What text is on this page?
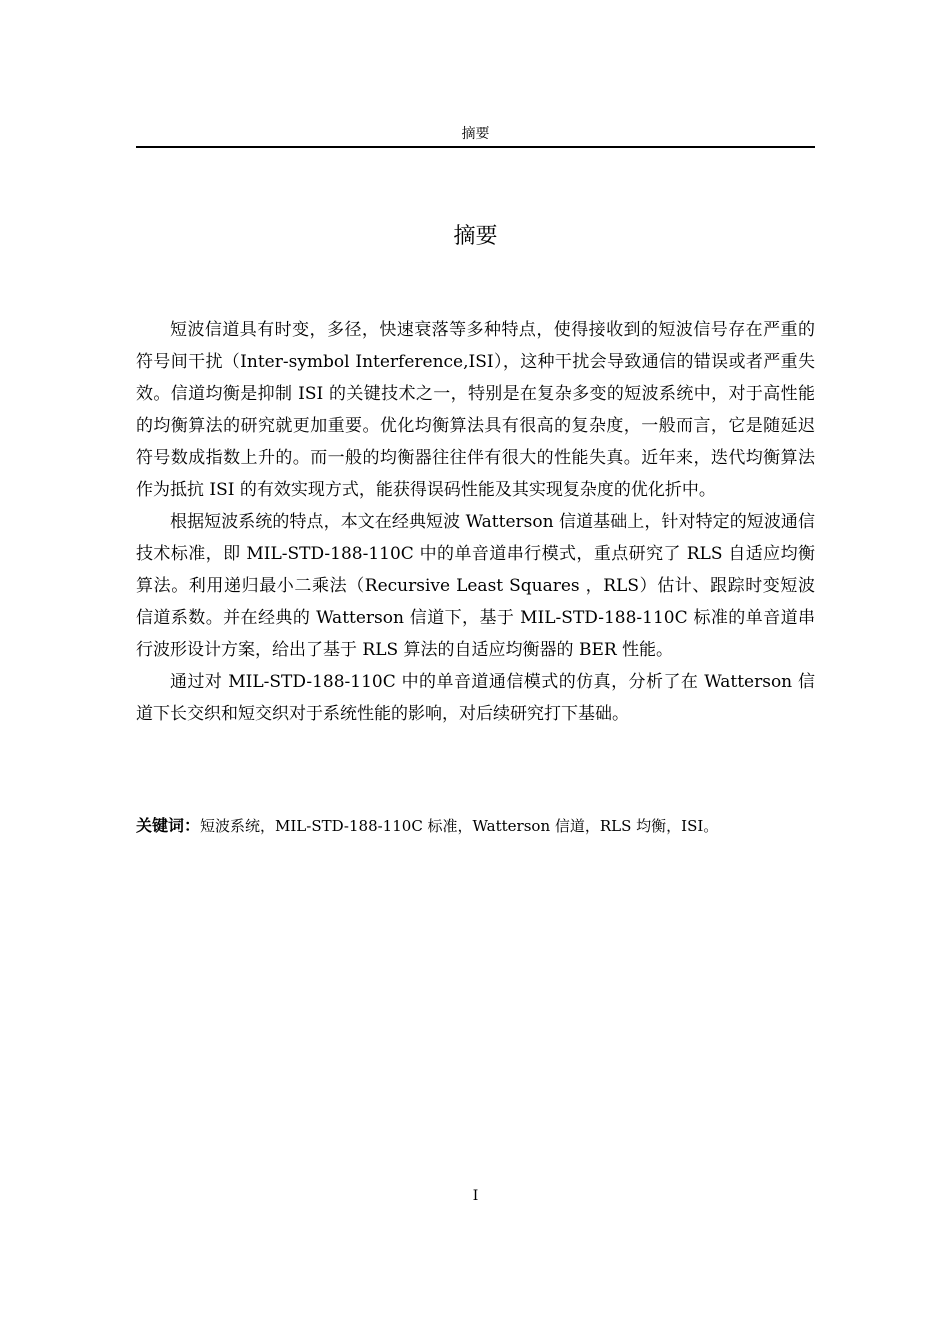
摘要
摘要

短波信道具有时变，多径，快速衰落等多种特点，使得接收到的短波信号存在严重的符号间干扰（Inter-symbol Interference,ISI），这种干扰会导致通信的错误或者严重失效。信道均衡是抑制 ISI 的关键技术之一，特别是在复杂多变的短波系统中，对于高性能的均衡算法的研究就更加重要。优化均衡算法具有很高的复杂度，一般而言，它是随延迟符号数成指数上升的。而一般的均衡器往往伴有很大的性能失真。近年来，迭代均衡算法作为抵抗 ISI 的有效实现方式，能获得误码性能及其实现复杂度的优化折中。

根据短波系统的特点，本文在经典短波 Watterson 信道基础上，针对特定的短波通信技术标准，即 MIL-STD-188-110C 中的单音道串行模式，重点研究了 RLS 自适应均衡算法。利用递归最小二乘法（Recursive Least Squares ，RLS）估计、跟踪时变短波信道系数。并在经典的 Watterson 信道下，基于 MIL-STD-188-110C 标准的单音道串行波形设计方案，给出了基于 RLS 算法的自适应均衡器的 BER 性能。

通过对 MIL-STD-188-110C 中的单音道通信模式的仿真，分析了在 Watterson 信道下长交织和短交织对于系统性能的影响，对后续研究打下基础。

关键词：短波系统，MIL-STD-188-110C 标准，Watterson 信道，RLS 均衡，ISI。
I
